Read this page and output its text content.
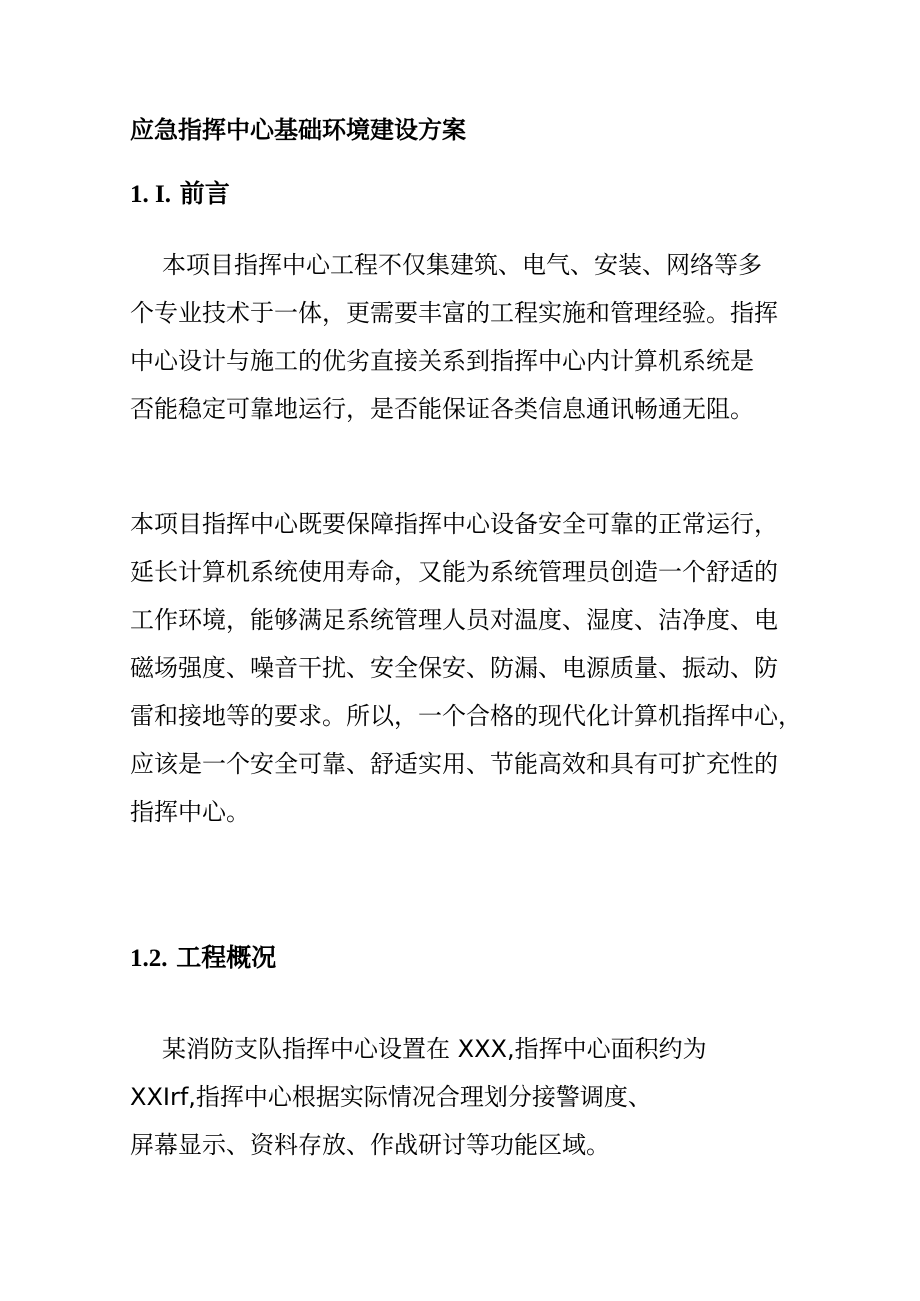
应急指挥中心基础环境建设方案
1. I. 前言

本项目指挥中心工程不仅集建筑、电气、安装、网络等多
个专业技术于一体，更需要丰富的工程实施和管理经验。指挥
中心设计与施工的优劣直接关系到指挥中心内计算机系统是
否能稳定可靠地运行，是否能保证各类信息通讯畅通无阻。

本项目指挥中心既要保障指挥中心设备安全可靠的正常运行，
延长计算机系统使用寿命，又能为系统管理员创造一个舒适的
工作环境，能够满足系统管理人员对温度、湿度、洁净度、电
磁场强度、噪音干扰、安全保安、防漏、电源质量、振动、防
雷和接地等的要求。所以，一个合格的现代化计算机指挥中心，
应该是一个安全可靠、舒适实用、节能高效和具有可扩充性的
指挥中心。

1.2. 工程概况

某消防支队指挥中心设置在 XXX,指挥中心面积约为
XXIrf,指挥中心根据实际情况合理划分接警调度、
屏幕显示、资料存放、作战研讨等功能区域。
